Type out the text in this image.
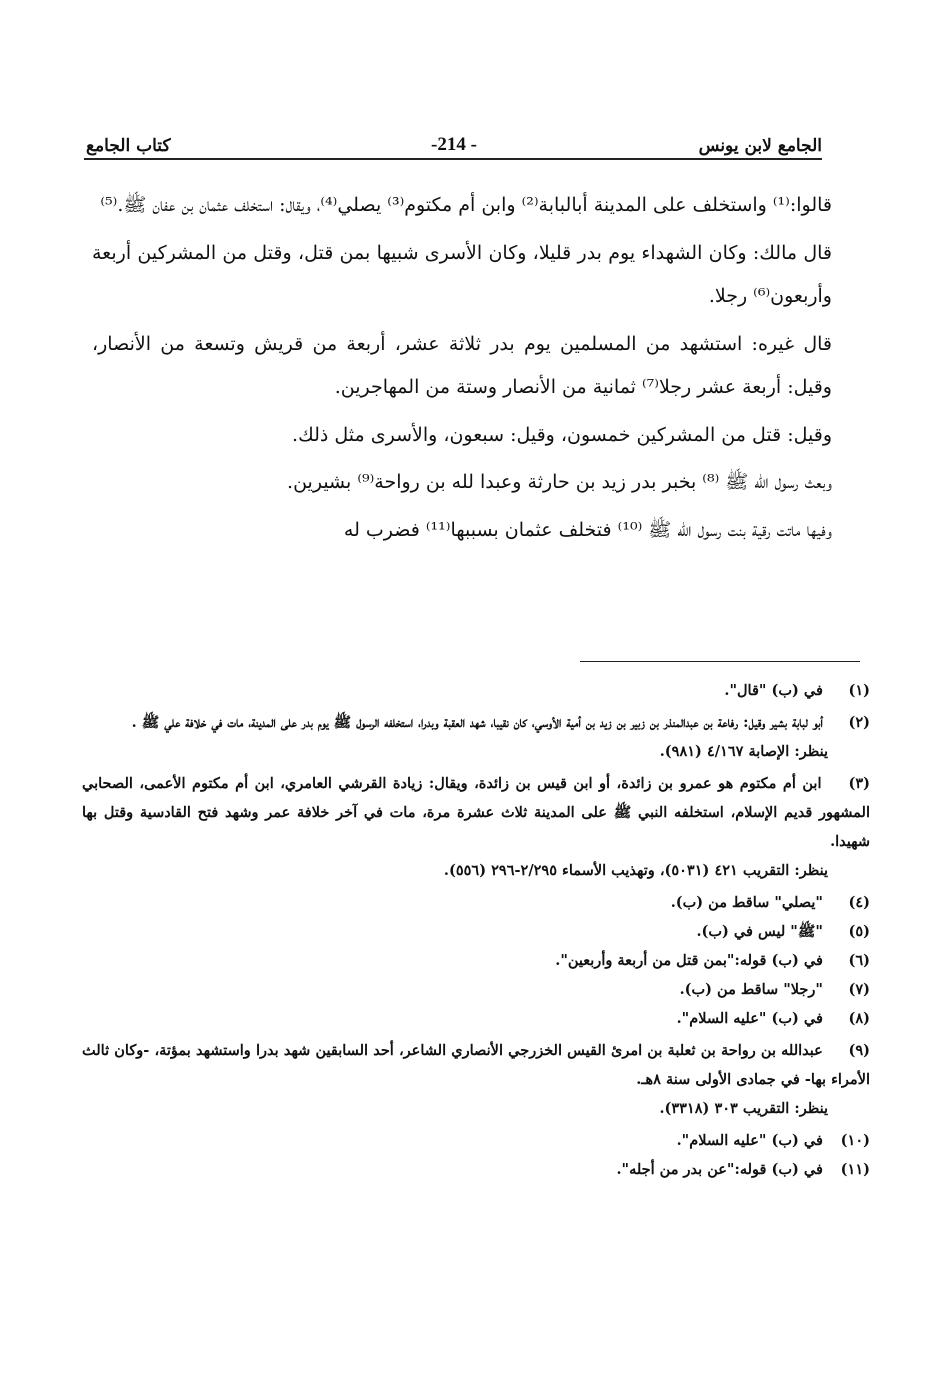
كتاب الجامع	-214 -	الجامع لابن يونس

قالوا:⁽¹⁾ واستخلف على المدينة أبالبابة⁽²⁾ وابن أم مكتوم⁽³⁾ يصلي⁽⁴⁾، ويقال: استخلف عثمان بن عفان ﷺ.⁽⁵⁾

قال مالك: وكان الشهداء يوم بدر قليلا، وكان الأسرى شبيها بمن قتل، وقتل من المشركين أربعة وأربعون⁽⁶⁾ رجلا.

قال غيره: استشهد من المسلمين يوم بدر ثلاثة عشر، أربعة من قريش وتسعة من الأنصار، وقيل: أربعة عشر رجلا⁽⁷⁾ ثمانية من الأنصار وستة من المهاجرين.

وقيل: قتل من المشركين خمسون، وقيل: سبعون، والأسرى مثل ذلك.

وبعث رسول الله ﷺ ⁽⁸⁾ بخبر بدر زيد بن حارثة وعبدا لله بن رواحة⁽⁹⁾ بشيرين.

وفيها ماتت رقية بنت رسول الله ﷺ ⁽¹⁰⁾ فتخلف عثمان بسببها⁽¹¹⁾ فضرب له

(١) في (ب) "قال".

(٢) أبو لبابة بشير وقيل: رفاعة بن عبدالمنذر بن زبير بن زيد بن أمية الأوسي، كان نقيبا، شهد العقبة وبدرا، استخلفه الرسول ﷺ يوم بدر على المدينة، مات في خلافة علي ﷺ .
ينظر: الإصابة ٤/١٦٧ (٩٨١).
(٣) ابن أم مكتوم هو عمرو بن زائدة، أو ابن قيس بن زائدة، ويقال: زيادة القرشي العامري، ابن أم مكتوم الأعمى، الصحابي المشهور قديم الإسلام، استخلفه النبي ﷺ على المدينة ثلاث عشرة مرة، مات في آخر خلافة عمر وشهد فتح القادسية وقتل بها شهيدا.
ينظر: التقريب ٤٢١ (٥٠٣١)، وتهذيب الأسماء ٢/٢٩٥-٢٩٦ (٥٥٦).

(٤) "يصلي" ساقط من (ب).

(٥) "ﷺ" ليس في (ب).

(٦) في (ب) قوله:"بمن قتل من أربعة وأربعين".

(٧) "رجلا" ساقط من (ب).

(٨) في (ب) "عليه السلام".

(٩) عبدالله بن رواحة بن ثعلبة بن امرئ القيس الخزرجي الأنصاري الشاعر، أحد السابقين شهد بدرا واستشهد بمؤتة، -وكان ثالث الأمراء بها- في جمادى الأولى سنة ٨هـ.
ينظر: التقريب ٣٠٣ (٣٣١٨).

(١٠) في (ب) "عليه السلام".

(١١) في (ب) قوله:"عن بدر من أجله".
